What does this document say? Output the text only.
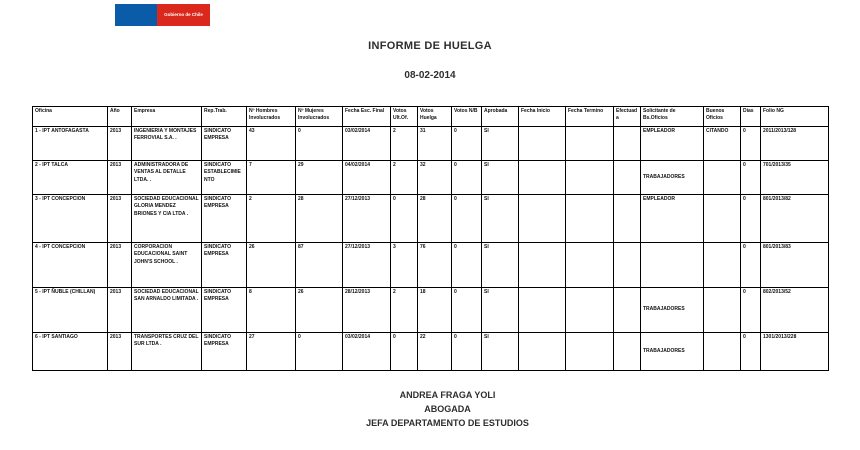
Gobierno de Chile
INFORME DE HUELGA
08-02-2014
Oficina	Año	Empresa	Rep.Trab.	Nº Hombres Involucrados	Nº Mujeres Involucrados	Fecha Esc. Final	Votos Ult.Of.	Votos Huelga	Votos N/B	Aprobada	Fecha Inicio	Fecha Termino	Efectuada	Solicitante de Bs.Oficios	Buenos Oficios	Días	Folio NG
1 - IPT ANTOFAGASTA	2013	INGENIERIA Y MONTAJES FERROVIAL S.A. .	SINDICATO EMPRESA	43	0	03/02/2014	2	31	0	SI				EMPLEADOR	CITANDO	0	2011/2013/128
2 - IPT TALCA	2013	ADMINISTRADORA DE VENTAS AL DETALLE LTDA. .	SINDICATO ESTABLECIMIENTO	7	29	04/02/2014	2	32	0	SI				TRABAJADORES		0	701/2013/35
3 - IPT CONCEPCION	2013	SOCIEDAD EDUCACIONAL GLORIA MENDEZ BRIONES Y CIA LTDA .	SINDICATO EMPRESA	2	28	27/12/2013	0	28	0	SI				EMPLEADOR		0	801/2013/82
4 - IPT CONCEPCION	2013	CORPORACION EDUCACIONAL SAINT JOHN'S SCHOOL .	SINDICATO EMPRESA	26	87	27/12/2013	3	76	0	SI						0	801/2013/83
5 - IPT ÑUBLE (CHILLAN)	2013	SOCIEDAD EDUCACIONAL SAN ARNALDO LIMITADA .	SINDICATO EMPRESA	8	26	28/12/2013	2	18	0	SI				TRABAJADORES		0	802/2013/52
6 - IPT SANTIAGO	2013	TRANSPORTES CRUZ DEL SUR LTDA .	SINDICATO EMPRESA	27	0	03/02/2014	0	22	0	SI				TRABAJADORES		0	1301/2013/228
ANDREA FRAGA YOLI
ABOGADA
JEFA DEPARTAMENTO DE ESTUDIOS
